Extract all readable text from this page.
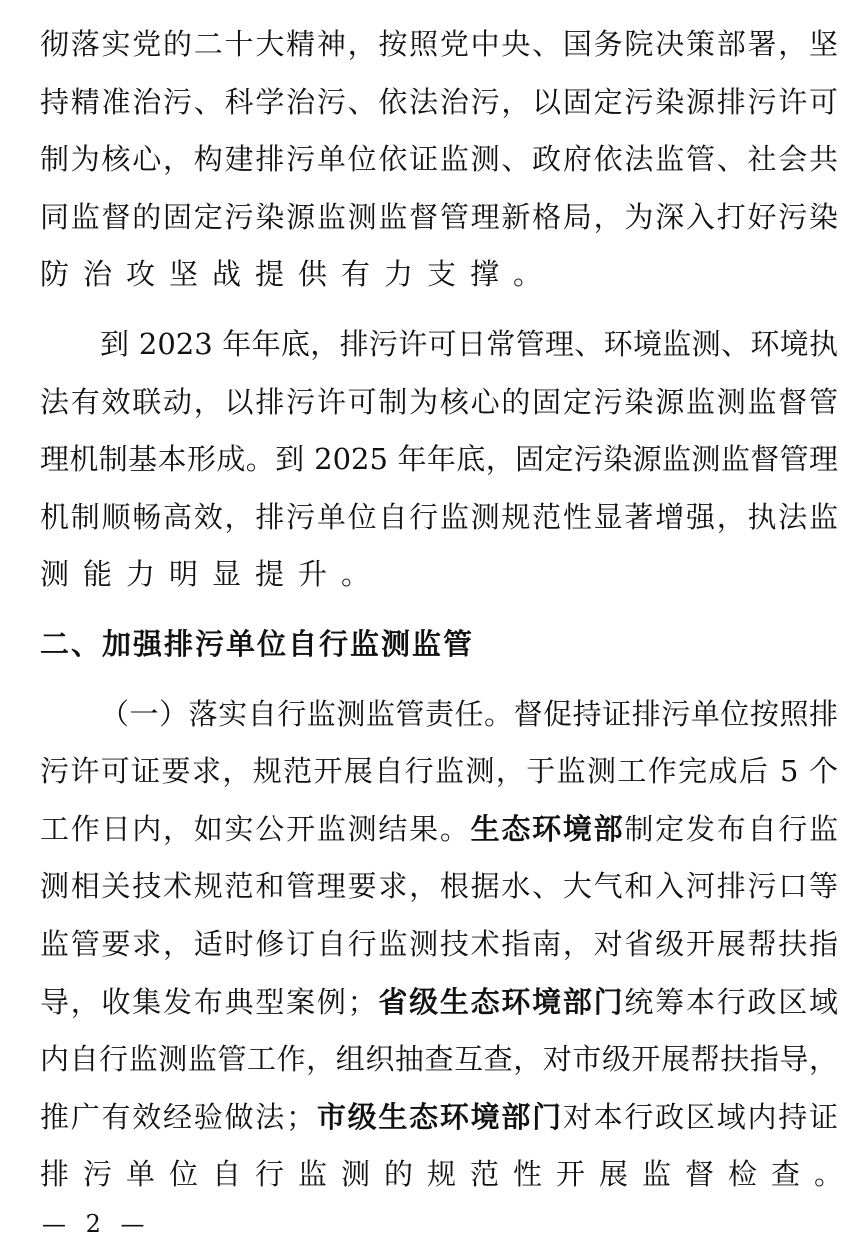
彻落实党的二十大精神，按照党中央、国务院决策部署，坚
持精准治污、科学治污、依法治污，以固定污染源排污许可
制为核心，构建排污单位依证监测、政府依法监管、社会共
同监督的固定污染源监测监督管理新格局，为深入打好污染
防治攻坚战提供有力支撑。
到 2023 年年底，排污许可日常管理、环境监测、环境执
法有效联动，以排污许可制为核心的固定污染源监测监督管
理机制基本形成。到 2025 年年底，固定污染源监测监督管理
机制顺畅高效，排污单位自行监测规范性显著增强，执法监
测能力明显提升。
二、加强排污单位自行监测监管
（一）落实自行监测监管责任。督促持证排污单位按照排
污许可证要求，规范开展自行监测，于监测工作完成后 5 个
工作日内，如实公开监测结果。生态环境部制定发布自行监
测相关技术规范和管理要求，根据水、大气和入河排污口等
监管要求，适时修订自行监测技术指南，对省级开展帮扶指
导，收集发布典型案例；省级生态环境部门统筹本行政区域
内自行监测监管工作，组织抽查互查，对市级开展帮扶指导，
推广有效经验做法；市级生态环境部门对本行政区域内持证
排污单位自行监测的规范性开展监督检查。
— 2 —
